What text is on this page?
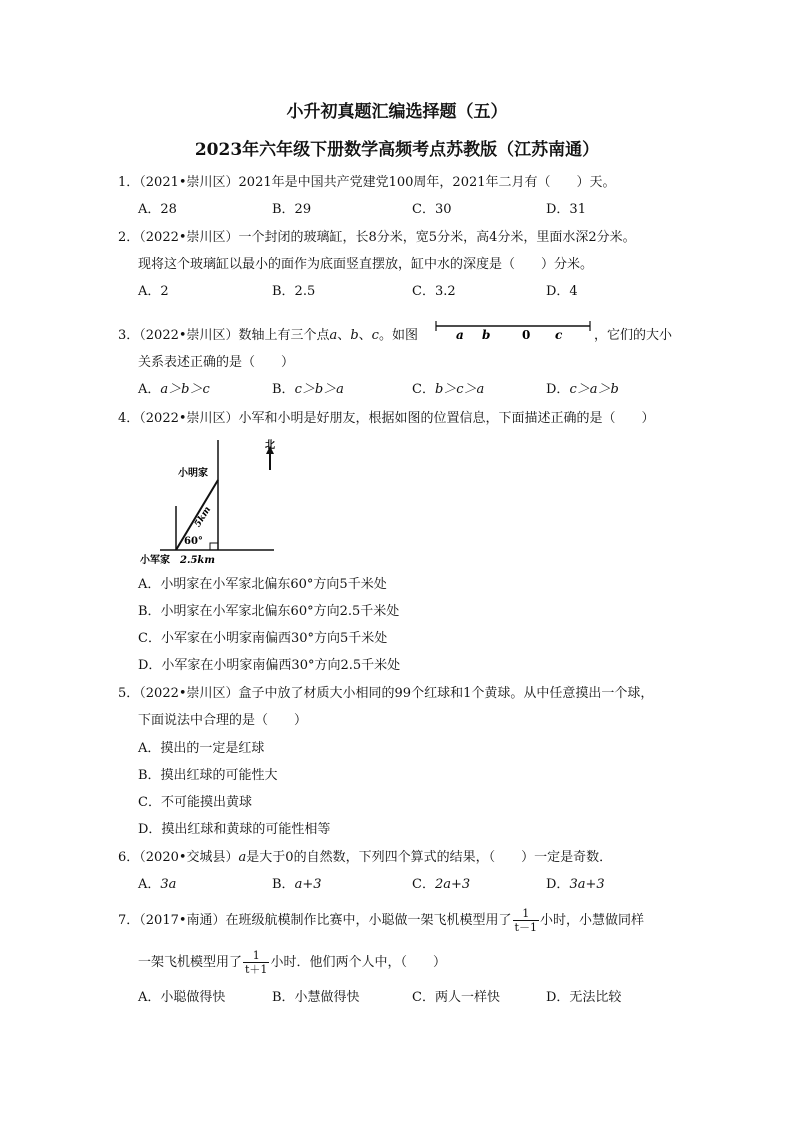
小升初真题汇编选择题（五）
2023年六年级下册数学高频考点苏教版（江苏南通）
1．（2021•崇川区）2021年是中国共产党建党100周年，2021年二月有（　　）天。
A．28	B．29	C．30	D．31
2．（2022•崇川区）一个封闭的玻璃缸，长8分米，宽5分米，高4分米，里面水深2分米。
现将这个玻璃缸以最小的面作为底面竖直摆放，缸中水的深度是（　　）分米。
A．2	B．2.5	C．3.2	D．4
3．（2022•崇川区）数轴上有三个点a、b、c。如图	a b	0 c ，它们的大小
关系表述正确的是（　　）
A．a＞b＞c	B．c＞b＞a	C．b＞c＞a	D．c＞a＞b
4．（2022•崇川区）小军和小明是好朋友，根据如图的位置信息，下面描述正确的是（　　）
北
小明家
5km
60°
小军家 2.5km
A．小明家在小军家北偏东60°方向5千米处
B．小明家在小军家北偏东60°方向2.5千米处
C．小军家在小明家南偏西30°方向5千米处
D．小军家在小明家南偏西30°方向2.5千米处
5．（2022•崇川区）盒子中放了材质大小相同的99个红球和1个黄球。从中任意摸出一个球，
下面说法中合理的是（　　）
A．摸出的一定是红球
B．摸出红球的可能性大
C．不可能摸出黄球
D．摸出红球和黄球的可能性相等
6．（2020•交城县）a是大于0的自然数，下列四个算式的结果，（　　）一定是奇数．
A．3a	B．a+3	C．2a+3	D．3a+3
7．（2017•南通）在班级航模制作比赛中，小聪做一架飞机模型用了 $\frac{1}{t-1}$ 小时，小慧做同样
一架飞机模型用了 $\frac{1}{t+1}$ 小时．他们两个人中，（　　）
A．小聪做得快	B．小慧做得快	C．两人一样快	D．无法比较
